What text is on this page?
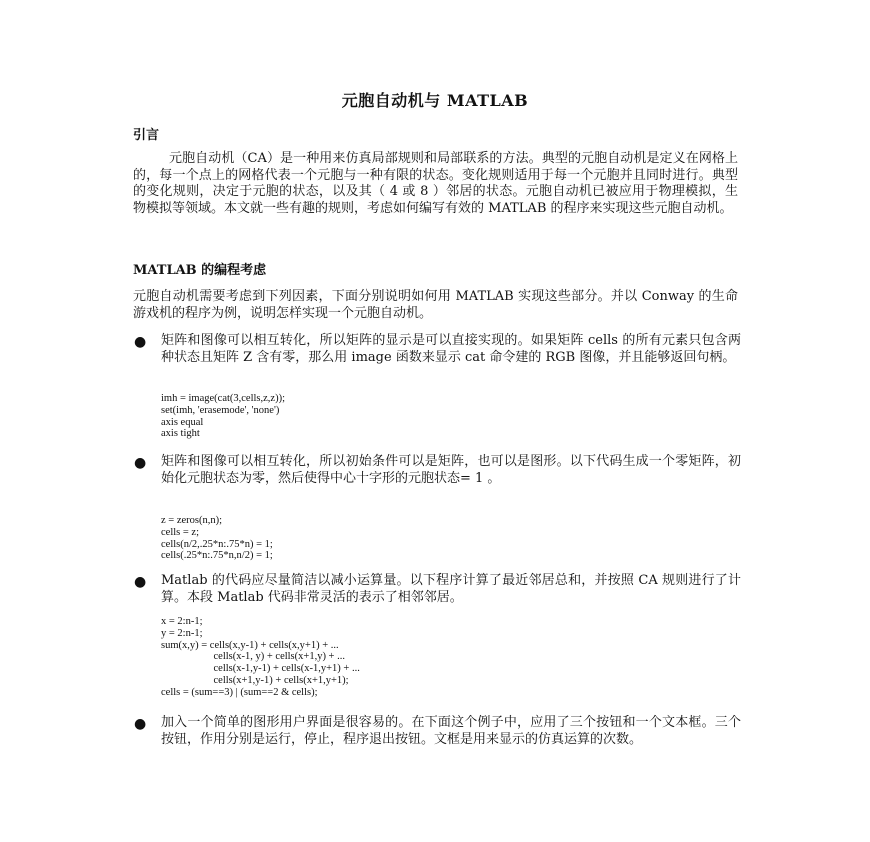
元胞自动机与 MATLAB
引言
元胞自动机（CA）是一种用来仿真局部规则和局部联系的方法。典型的元胞自动机是定义在网格上的，每一个点上的网格代表一个元胞与一种有限的状态。变化规则适用于每一个元胞并且同时进行。典型的变化规则，决定于元胞的状态，以及其（ 4 或 8 ）邻居的状态。元胞自动机已被应用于物理模拟，生物模拟等领域。本文就一些有趣的规则，考虑如何编写有效的 MATLAB 的程序来实现这些元胞自动机。
MATLAB 的编程考虑
元胞自动机需要考虑到下列因素，下面分别说明如何用 MATLAB 实现这些部分。并以 Conway 的生命游戏机的程序为例，说明怎样实现一个元胞自动机。
● 矩阵和图像可以相互转化，所以矩阵的显示是可以直接实现的。如果矩阵 cells 的所有元素只包含两种状态且矩阵 Z 含有零，那么用 image 函数来显示 cat 命令建的 RGB 图像，并且能够返回句柄。
imh = image(cat(3,cells,z,z));
set(imh, 'erasemode', 'none')
axis equal
axis tight
● 矩阵和图像可以相互转化，所以初始条件可以是矩阵，也可以是图形。以下代码生成一个零矩阵，初始化元胞状态为零，然后使得中心十字形的元胞状态= 1 。
z = zeros(n,n);
cells = z;
cells(n/2,.25*n:.75*n) = 1;
cells(.25*n:.75*n,n/2) = 1;
● Matlab 的代码应尽量简洁以减小运算量。以下程序计算了最近邻居总和，并按照 CA 规则进行了计算。本段 Matlab 代码非常灵活的表示了相邻邻居。
x = 2:n-1;
y = 2:n-1;
sum(x,y) = cells(x,y-1) + cells(x,y+1) + ...
cells(x-1, y) + cells(x+1,y) + ...
cells(x-1,y-1) + cells(x-1,y+1) + ...
cells(x+1,y-1) + cells(x+1,y+1);
cells = (sum==3) | (sum==2 & cells);
● 加入一个简单的图形用户界面是很容易的。在下面这个例子中，应用了三个按钮和一个文本框。三个按钮，作用分别是运行，停止，程序退出按钮。文框是用来显示的仿真运算的次数。
